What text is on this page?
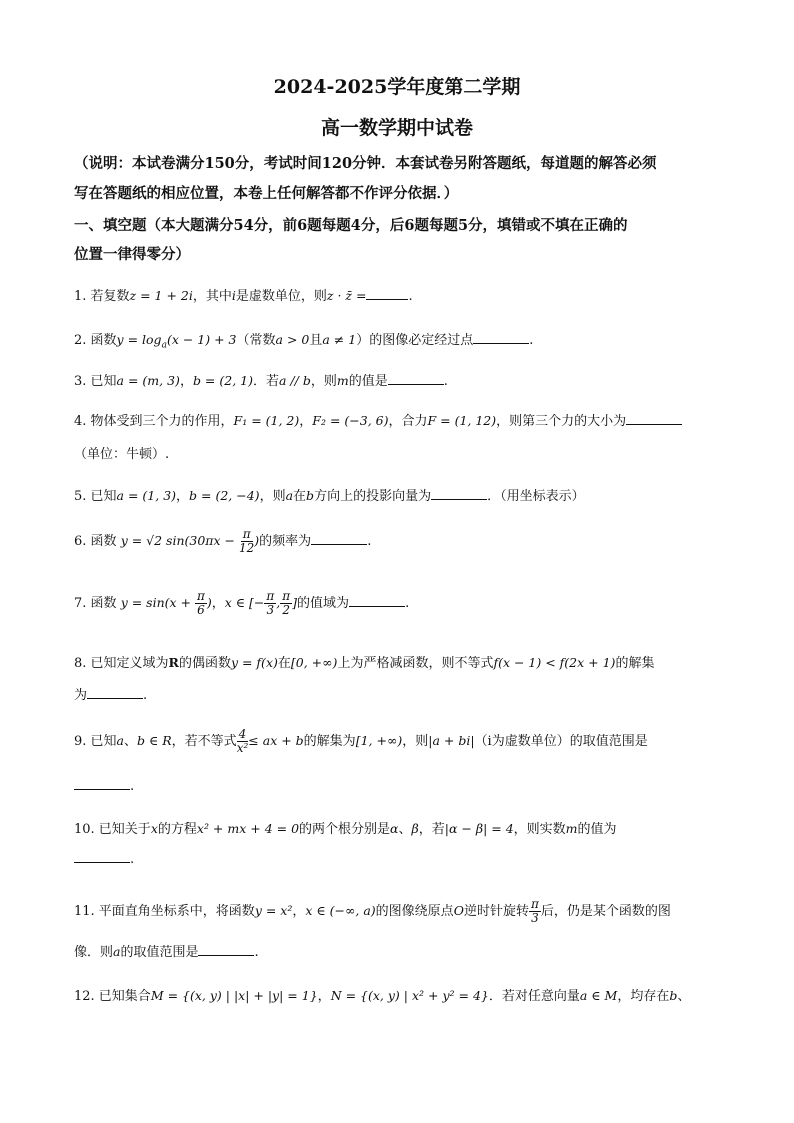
2024-2025学年度第二学期
高一数学期中试卷
（说明：本试卷满分150分，考试时间120分钟．本套试卷另附答题纸，每道题的解答必须
写在答题纸的相应位置，本卷上任何解答都不作评分依据．）
一、填空题（本大题满分54分，前6题每题4分，后6题每题5分，填错或不填在正确的
位置一律得零分）
1. 若复数z = 1 + 2i，其中i是虚数单位，则z · z̄ =	.
2. 函数$y = \log_a(x - 1) + 3$（常数a > 0且a ≠ 1）的图像必定经过点	.
3. 已知a = (m, 3)，b = (2, 1)．若a // b，则m的值是	.
4. 物体受到三个力的作用，F₁ = (1, 2)，F₂ = (−3, 6)，合力F = (1, 12)，则第三个力的大小为
（单位：牛顿）.
5. 已知a = (1, 3)，b = (2, −4)，则a在b方向上的投影向量为	．（用坐标表示）
6. 函数 y = √2 $\sin(30\pi x - \frac{\pi}{12}$ )的频率为	.
7. 函数 $y = \sin(x + \frac{\pi}{6}$ )，x ∈ [− $\frac{\pi}{3}$ , $\frac{\pi}{2}$ ]的值域为	.
8. 已知定义域为R的偶函数y = f(x)在[0, +∞)上为严格减函数，则不等式f(x − 1) < f(2x + 1)的解集
为	.
9. 已知a、b ∈ R，若不等式 $\frac{4}{\text{x²}}$ ≤ ax + b的解集为[1, +∞)，则|a + bi|（i为虚数单位）的取值范围是
.
10. 已知关于x的方程x² + mx + 4 = 0的两个根分别是α、β，若|α − β| = 4，则实数m的值为
.
11. 平面直角坐标系中，将函数y = x²，x ∈ (−∞, a)的图像绕原点O逆时针旋转 $\frac{\pi}{3}$ 后，仍是某个函数的图
像．则a的取值范围是	.
12. 已知集合M = {(x, y) | |x| + |y| = 1}，N = {(x, y) | x² + y² = 4}．若对任意向量a ∈ M，均存在b、
